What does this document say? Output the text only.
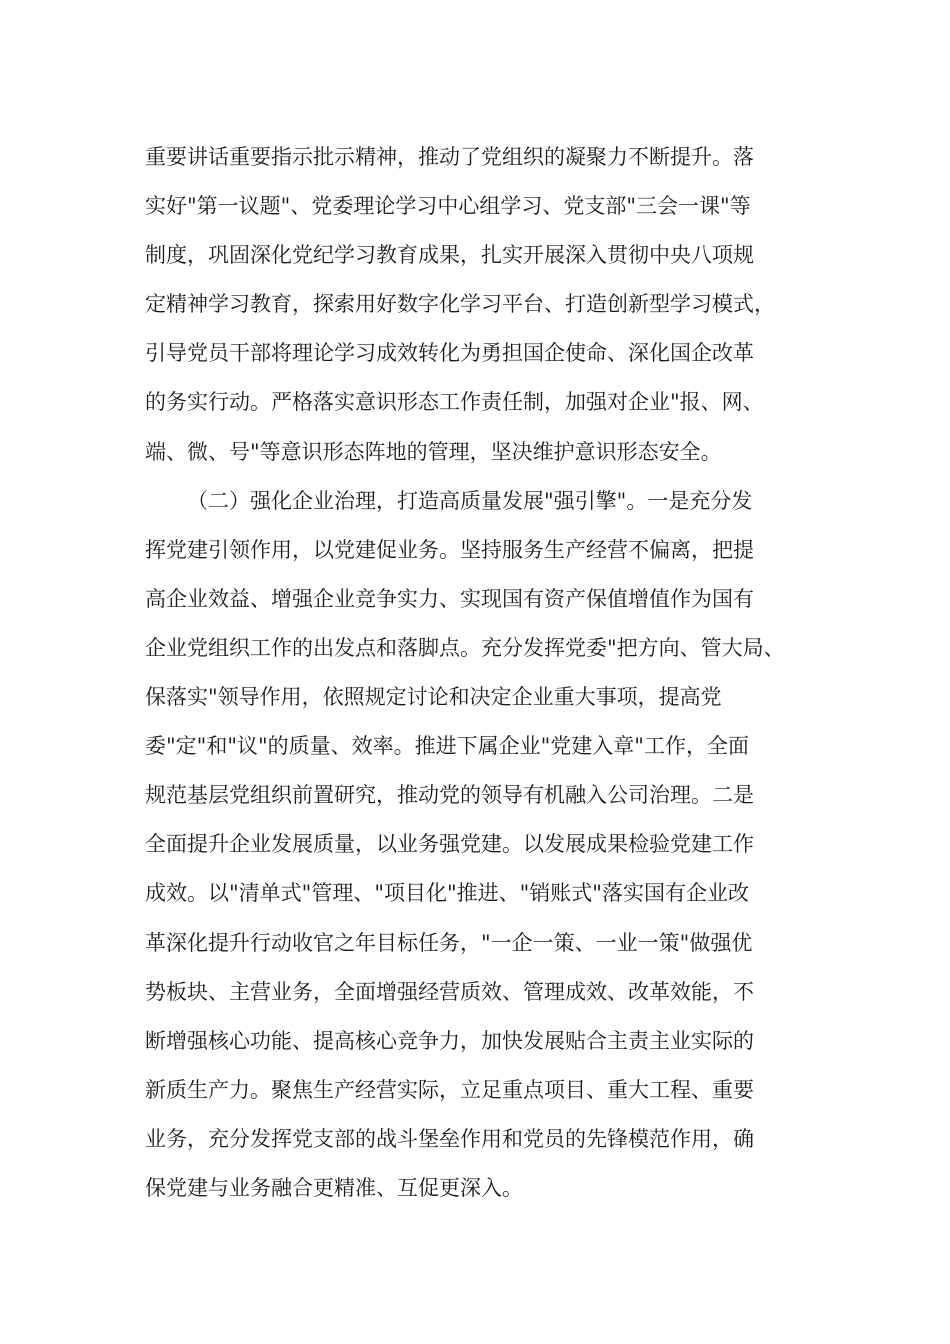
重要讲话重要指示批示精神，推动了党组织的凝聚力不断提升。落
实好"第一议题"、党委理论学习中心组学习、党支部"三会一课"等
制度，巩固深化党纪学习教育成果，扎实开展深入贯彻中央八项规
定精神学习教育，探索用好数字化学习平台、打造创新型学习模式，
引导党员干部将理论学习成效转化为勇担国企使命、深化国企改革
的务实行动。严格落实意识形态工作责任制，加强对企业"报、网、
端、微、号"等意识形态阵地的管理，坚决维护意识形态安全。
（二）强化企业治理，打造高质量发展"强引擎"。一是充分发
挥党建引领作用，以党建促业务。坚持服务生产经营不偏离，把提
高企业效益、增强企业竞争实力、实现国有资产保值增值作为国有
企业党组织工作的出发点和落脚点。充分发挥党委"把方向、管大局、
保落实"领导作用，依照规定讨论和决定企业重大事项，提高党
委"定"和"议"的质量、效率。推进下属企业"党建入章"工作，全面
规范基层党组织前置研究，推动党的领导有机融入公司治理。二是
全面提升企业发展质量，以业务强党建。以发展成果检验党建工作
成效。以"清单式"管理、"项目化"推进、"销账式"落实国有企业改
革深化提升行动收官之年目标任务，"一企一策、一业一策"做强优
势板块、主营业务，全面增强经营质效、管理成效、改革效能，不
断增强核心功能、提高核心竞争力，加快发展贴合主责主业实际的
新质生产力。聚焦生产经营实际，立足重点项目、重大工程、重要
业务，充分发挥党支部的战斗堡垒作用和党员的先锋模范作用，确
保党建与业务融合更精准、互促更深入。
